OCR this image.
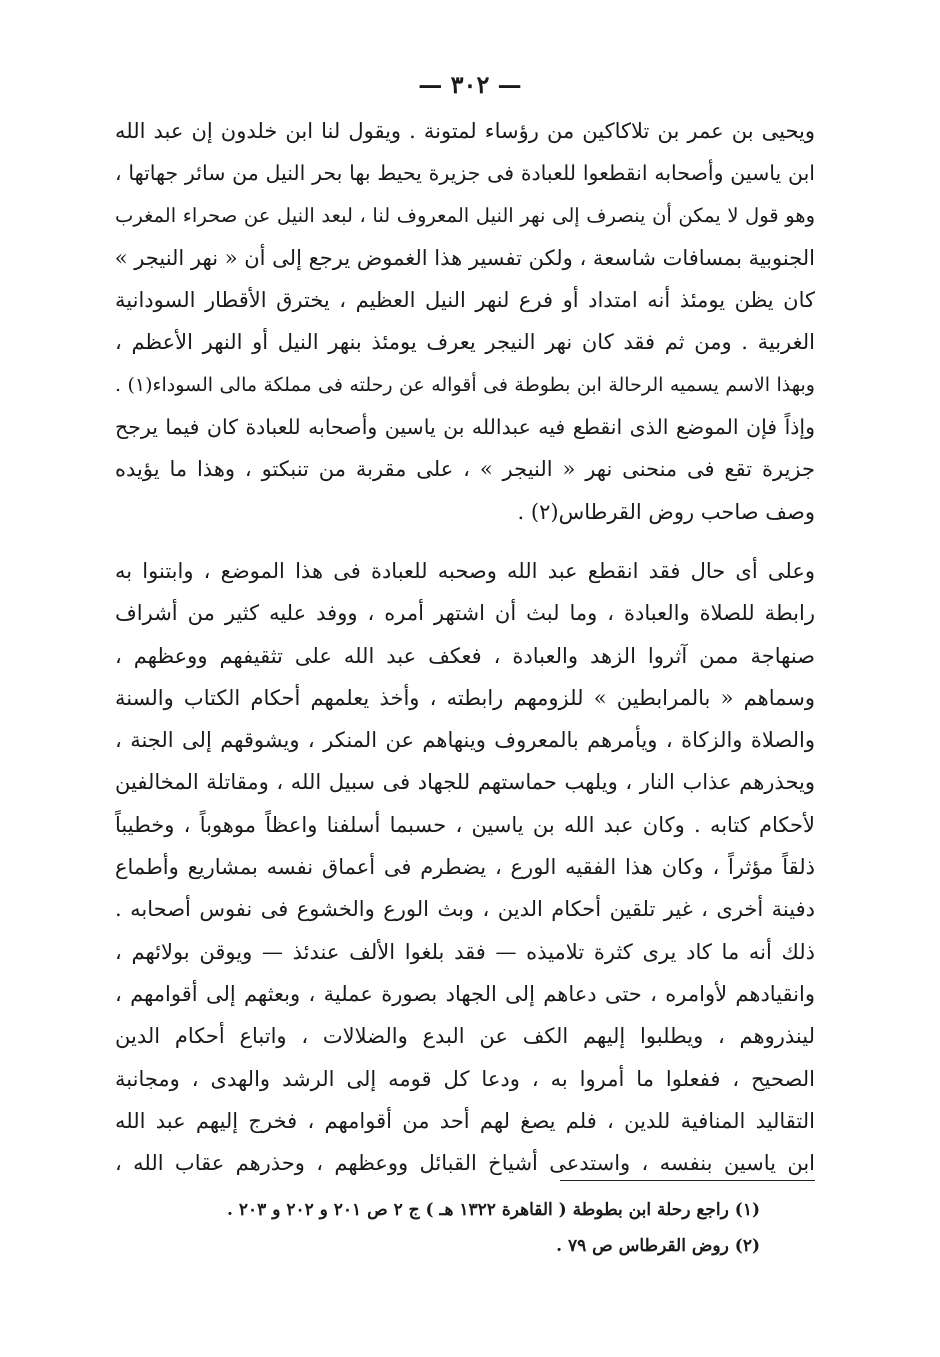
— ٣٠٢ —
ويحيى بن عمر بن تلاكاكين من رؤساء لمتونة . ويقول لنا ابن خلدون إن عبد الله
ابن ياسين وأصحابه انقطعوا للعبادة فى جزيرة يحيط بها بحر النيل من سائر جهاتها ،
وهو قول لا يمكن أن ينصرف إلى نهر النيل المعروف لنا ، لبعد النيل عن صحراء المغرب
الجنوبية بمسافات شاسعة ، ولكن تفسير هذا الغموض يرجع إلى أن « نهر النيجر »
كان يظن يومئذ أنه امتداد أو فرع لنهر النيل العظيم ، يخترق الأقطار السودانية
الغربية . ومن ثم فقد كان نهر النيجر يعرف يومئذ بنهر النيل أو النهر الأعظم ،
وبهذا الاسم يسميه الرحالة ابن بطوطة فى أقواله عن رحلته فى مملكة مالى السوداء(١) .
وإذاً فإن الموضع الذى انقطع فيه عبدالله بن ياسين وأصحابه للعبادة كان فيما يرجح
جزيرة تقع فى منحنى نهر « النيجر » ، على مقربة من تنبكتو ، وهذا ما يؤيده
وصف صاحب روض القرطاس(٢) .
وعلى أى حال فقد انقطع عبد الله وصحبه للعبادة فى هذا الموضع ، وابتنوا به
رابطة للصلاة والعبادة ، وما لبث أن اشتهر أمره ، ووفد عليه كثير من أشراف
صنهاجة ممن آثروا الزهد والعبادة ، فعكف عبد الله على تثقيفهم ووعظهم ،
وسماهم « بالمرابطين » للزومهم رابطته ، وأخذ يعلمهم أحكام الكتاب والسنة
والصلاة والزكاة ، ويأمرهم بالمعروف وينهاهم عن المنكر ، ويشوقهم إلى الجنة ،
ويحذرهم عذاب النار ، ويلهب حماستهم للجهاد فى سبيل الله ، ومقاتلة المخالفين
لأحكام كتابه . وكان عبد الله بن ياسين ، حسبما أسلفنا واعظاً موهوباً ، وخطيباً
ذلقاً مؤثراً ، وكان هذا الفقيه الورع ، يضطرم فى أعماق نفسه بمشاريع وأطماع
دفينة أخرى ، غير تلقين أحكام الدين ، وبث الورع والخشوع فى نفوس أصحابه .
ذلك أنه ما كاد يرى كثرة تلاميذه — فقد بلغوا الألف عندئذ — ويوقن بولائهم ،
وانقيادهم لأوامره ، حتى دعاهم إلى الجهاد بصورة عملية ، وبعثهم إلى أقوامهم ،
لينذروهم ، ويطلبوا إليهم الكف عن البدع والضلالات ، واتباع أحكام الدين
الصحيح ، ففعلوا ما أمروا به ، ودعا كل قومه إلى الرشد والهدى ، ومجانبة
التقاليد المنافية للدين ، فلم يصغ لهم أحد من أقوامهم ، فخرج إليهم عبد الله
ابن ياسين بنفسه ، واستدعى أشياخ القبائل ووعظهم ، وحذرهم عقاب الله ،
(١) راجع رحلة ابن بطوطة ( القاهرة ١٣٢٢ هـ ) ج ٢ ص ٢٠١ و ٢٠٢ و ٢٠٣ .
(٢) روض القرطاس ص ٧٩ .
